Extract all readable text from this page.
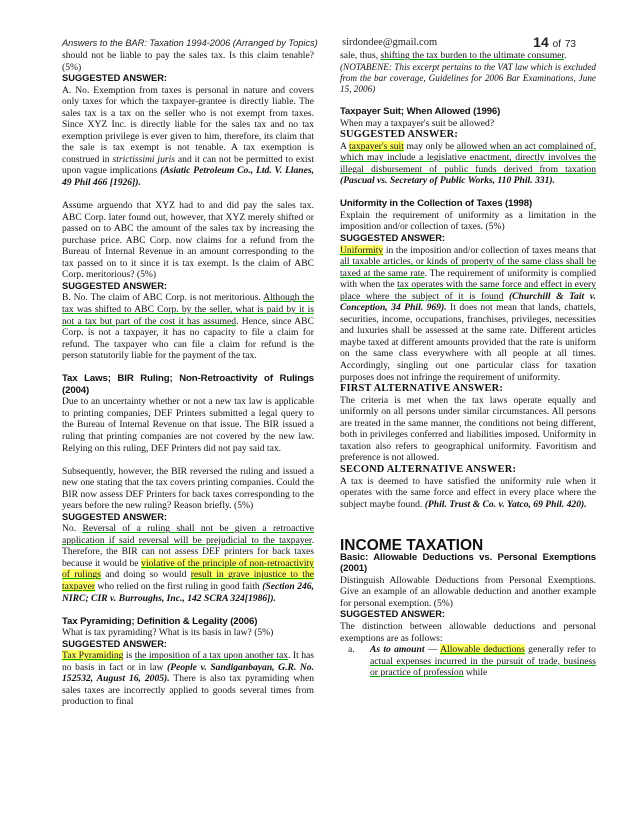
Answers to the BAR: Taxation 1994-2006 (Arranged by Topics) sirdondee@gmail.com	14 of 73

should not be liable to pay the sales tax. Is this claim tenable? (5%)

SUGGESTED ANSWER:

A. No. Exemption from taxes is personal in nature and covers only taxes for which the taxpayer-grantee is directly liable. The sales tax is a tax on the seller who is not exempt from taxes. Since XYZ Inc. is directly liable for the sales tax and no tax exemption privilege is ever given to him, therefore, its claim that the sale is tax exempt is not tenable. A tax exemption is construed in strictissimi juris and it can not be permitted to exist upon vague implications (Asiatic Petroleum Co., Ltd. V. Llanes, 49 Phil 466 [1926]).

Assume arguendo that XYZ had to and did pay the sales tax. ABC Corp. later found out, however, that XYZ merely shifted or passed on to ABC the amount of the sales tax by increasing the purchase price. ABC Corp. now claims for a refund from the Bureau of Internal Revenue in an amount corresponding to the tax passed on to it since it is tax exempt. Is the claim of ABC Corp. meritorious? (5%)

SUGGESTED ANSWER:

B. No. The claim of ABC Corp. is not meritorious. Although the tax was shifted to ABC Corp. by the seller, what is paid by it is not a tax but part of the cost it has assumed. Hence, since ABC Corp. is not a taxpayer, it has no capacity to file a claim for refund. The taxpayer who can file a claim for refund is the person statutorily liable for the payment of the tax.

Tax Laws; BIR Ruling; Non-Retroactivity of Rulings (2004)

Due to an uncertainty whether or not a new tax law is applicable to printing companies, DEF Printers submitted a legal query to the Bureau of Internal Revenue on that issue. The BIR issued a ruling that printing companies are not covered by the new law. Relying on this ruling, DEF Printers did not pay said tax.

Subsequently, however, the BIR reversed the ruling and issued a new one stating that the tax covers printing companies. Could the BIR now assess DEF Printers for back taxes corresponding to the years before the new ruling? Reason briefly. (5%)

SUGGESTED ANSWER:

No. Reversal of a ruling shall not be given a retroactive application if said reversal will be prejudicial to the taxpayer. Therefore, the BIR can not assess DEF printers for back taxes because it would be violative of the principle of non-retroactivity of rulings and doing so would result in grave injustice to the taxpayer who relied on the first ruling in good faith (Section 246, NIRC; CIR v. Burroughs, Inc., 142 SCRA 324[1986]).

Tax Pyramiding; Definition & Legality (2006)

What is tax pyramiding? What is its basis in law? (5%)

SUGGESTED ANSWER:

Tax Pyramiding is the imposition of a tax upon another tax. It has no basis in fact or in law (People v. Sandiganbayan, G.R. No. 152532, August 16, 2005). There is also tax pyramiding when sales taxes are incorrectly applied to goods several times from production to final

sale, thus, shifting the tax burden to the ultimate consumer.

(NOTABENE: This excerpt pertains to the VAT law which is excluded from the bar coverage, Guidelines for 2006 Bar Examinations, June 15, 2006)

Taxpayer Suit; When Allowed (1996)

When may a taxpayer's suit be allowed?

SUGGESTED ANSWER:

A taxpayer's suit may only be allowed when an act complained of, which may include a legislative enactment, directly involves the illegal disbursement of public funds derived from taxation (Pascual vs. Secretary of Public Works, 110 Phil. 331).

Uniformity in the Collection of Taxes (1998)

Explain the requirement of uniformity as a limitation in the imposition and/or collection of taxes. (5%)

SUGGESTED ANSWER:

Uniformity in the imposition and/or collection of taxes means that all taxable articles, or kinds of property of the same class shall be taxed at the same rate. The requirement of uniformity is complied with when the tax operates with the same force and effect in every place where the subject of it is found (Churchill & Tait v. Conception, 34 Phil. 969). It does not mean that lands, chattels, securities, income, occupations, franchises, privileges, necessities and luxuries shall be assessed at the same rate. Different articles maybe taxed at different amounts provided that the rate is uniform on the same class everywhere with all people at all times. Accordingly, singling out one particular class for taxation purposes does not infringe the requirement of uniformity.

FIRST ALTERNATIVE ANSWER:

The criteria is met when the tax laws operate equally and uniformly on all persons under similar circumstances. All persons are treated in the same manner, the conditions not being different, both in privileges conferred and liabilities imposed. Uniformity in taxation also refers to geographical uniformity. Favoritism and preference is not allowed.

SECOND ALTERNATIVE ANSWER:

A tax is deemed to have satisfied the uniformity rule when it operates with the same force and effect in every place where the subject maybe found. (Phil. Trust & Co. v. Yatco, 69 Phil. 420).

INCOME TAXATION

Basic: Allowable Deductions vs. Personal Exemptions (2001)

Distinguish Allowable Deductions from Personal Exemptions. Give an example of an allowable deduction and another example for personal exemption. (5%)

SUGGESTED ANSWER:

The distinction between allowable deductions and personal exemptions are as follows:

a.	As to amount — Allowable deductions generally refer to actual expenses incurred in the pursuit of trade, business or practice of profession while
